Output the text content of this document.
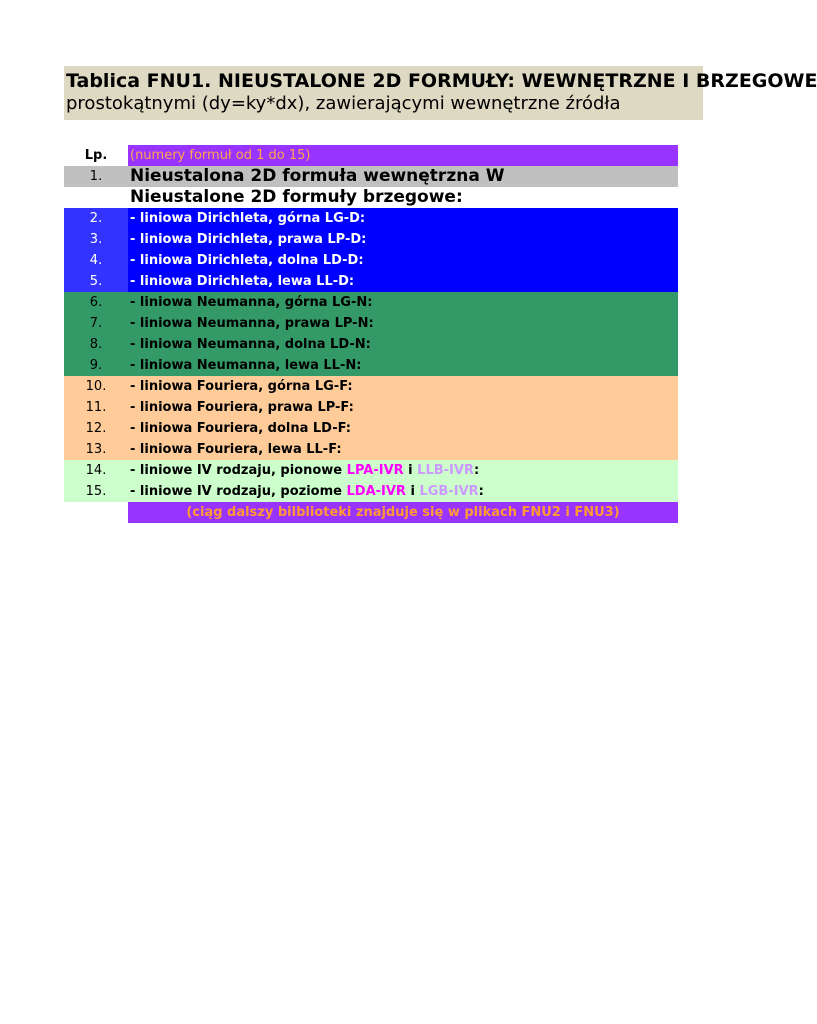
Tablica FNU1. NIEUSTALONE 2D FORMUŁY: WEWNĘTRZNE I BRZEGOWE
prostokątnymi (dy=ky*dx), zawierającymi wewnętrzne źródła
Lp.	(numery formuł od 1 do 15)
1.	Nieustalona 2D formuła wewnętrzna W
Nieustalone 2D formuły brzegowe:
2.	- liniowa Dirichleta, górna LG-D:
3.	- liniowa Dirichleta, prawa LP-D:
4.	- liniowa Dirichleta, dolna LD-D:
5.	- liniowa Dirichleta, lewa LL-D:
6.	- liniowa Neumanna, górna LG-N:
7.	- liniowa Neumanna, prawa LP-N:
8.	- liniowa Neumanna, dolna LD-N:
9.	- liniowa Neumanna, lewa LL-N:
10.	- liniowa Fouriera, górna LG-F:
11.	- liniowa Fouriera, prawa LP-F:
12.	- liniowa Fouriera, dolna LD-F:
13.	- liniowa Fouriera, lewa LL-F:
14.	- liniowe IV rodzaju, pionowe LPA-IVR i LLB-IVR:
15.	- liniowe IV rodzaju, poziome LDA-IVR i LGB-IVR:
(ciąg dalszy bilblioteki znajduje się w plikach FNU2 i FNU3)
